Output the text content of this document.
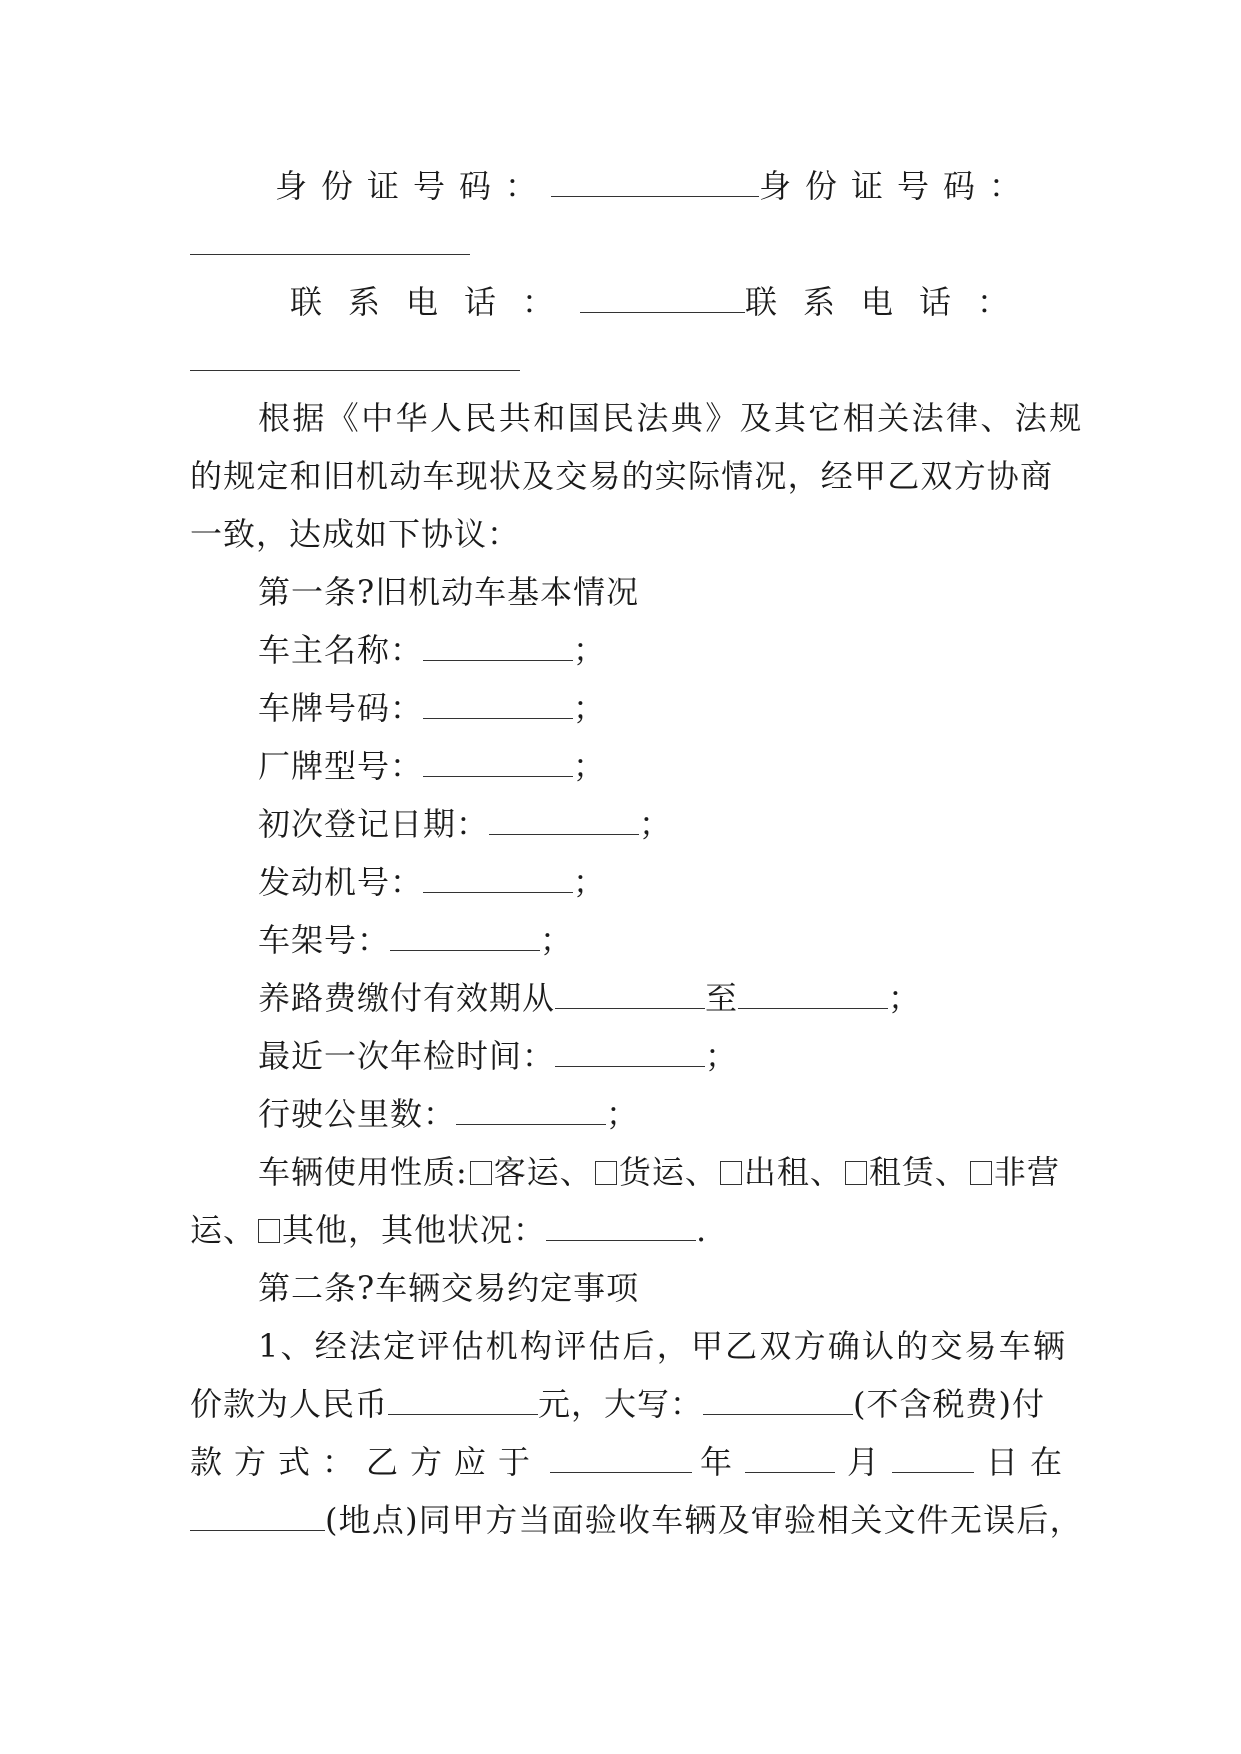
身份证号码：	身份证号码：
联系电话：	联系电话：
根据《中华人民共和国民法典》及其它相关法律、法规
的规定和旧机动车现状及交易的实际情况，经甲乙双方协商
一致，达成如下协议：
第一条?旧机动车基本情况
车主名称：	；
车牌号码：	；
厂牌型号：	；
初次登记日期：	；
发动机号：	；
车架号：	；
养路费缴付有效期从	至	；
最近一次年检时间：	；
行驶公里数：	；
车辆使用性质: 客运、 货运、 出租、 租赁、 非营
运、 其他，其他状况：	.
第二条?车辆交易约定事项
1、经法定评估机构评估后，甲乙双方确认的交易车辆
价款为人民币	元，大写：	(不含税费)付
款方式：乙方应于	年	月	日在
(地点)同甲方当面验收车辆及审验相关文件无误后，
